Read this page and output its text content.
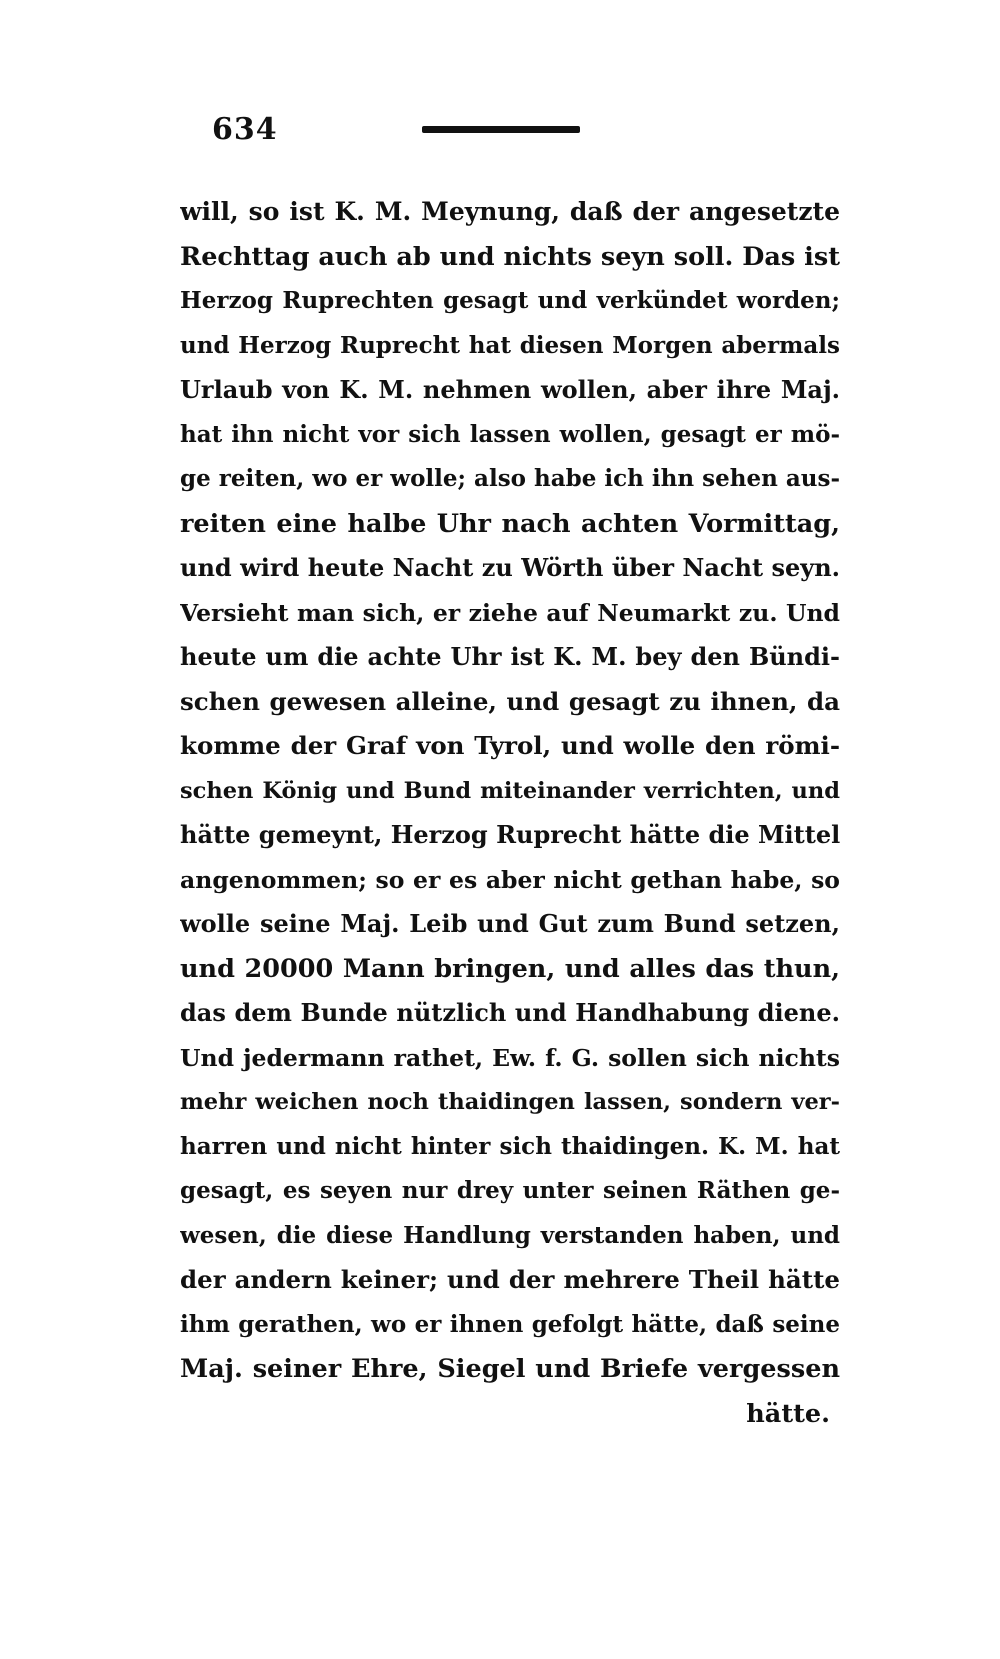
634
will, so ist K. M. Meynung, daß der angesetzte
Rechttag auch ab und nichts seyn soll. Das ist
Herzog Ruprechten gesagt und verkündet worden;
und Herzog Ruprecht hat diesen Morgen abermals
Urlaub von K. M. nehmen wollen, aber ihre Maj.
hat ihn nicht vor sich lassen wollen, gesagt er mö-
ge reiten, wo er wolle; also habe ich ihn sehen aus-
reiten eine halbe Uhr nach achten Vormittag,
und wird heute Nacht zu Wörth über Nacht seyn.
Versieht man sich, er ziehe auf Neumarkt zu. Und
heute um die achte Uhr ist K. M. bey den Bündi-
schen gewesen alleine, und gesagt zu ihnen, da
komme der Graf von Tyrol, und wolle den römi-
schen König und Bund miteinander verrichten, und
hätte gemeynt, Herzog Ruprecht hätte die Mittel
angenommen; so er es aber nicht gethan habe, so
wolle seine Maj. Leib und Gut zum Bund setzen,
und 20000 Mann bringen, und alles das thun,
das dem Bunde nützlich und Handhabung diene.
Und jedermann rathet, Ew. f. G. sollen sich nichts
mehr weichen noch thaidingen lassen, sondern ver-
harren und nicht hinter sich thaidingen. K. M. hat
gesagt, es seyen nur drey unter seinen Räthen ge-
wesen, die diese Handlung verstanden haben, und
der andern keiner; und der mehrere Theil hätte
ihm gerathen, wo er ihnen gefolgt hätte, daß seine
Maj. seiner Ehre, Siegel und Briefe vergessen
hätte.
